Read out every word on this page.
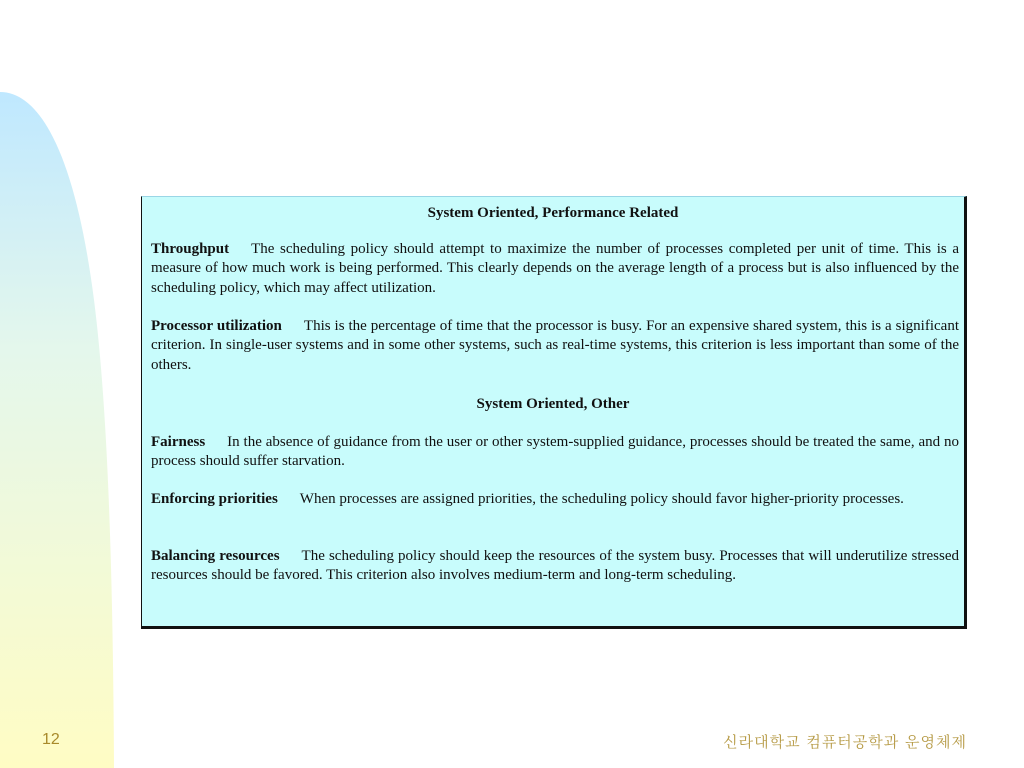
System Oriented, Performance Related

Throughput The scheduling policy should attempt to maximize the number of processes completed per unit of time. This is a measure of how much work is being performed. This clearly depends on the average length of a process but is also influenced by the scheduling policy, which may affect utilization.

Processor utilization This is the percentage of time that the processor is busy. For an expensive shared system, this is a significant criterion. In single-user systems and in some other systems, such as real-time systems, this criterion is less important than some of the others.

System Oriented, Other

Fairness In the absence of guidance from the user or other system-supplied guidance, processes should be treated the same, and no process should suffer starvation.

Enforcing priorities When processes are assigned priorities, the scheduling policy should favor higher-priority processes.

Balancing resources The scheduling policy should keep the resources of the system busy. Processes that will underutilize stressed resources should be favored. This criterion also involves medium-term and long-term scheduling.

12	신라대학교 컴퓨터공학과 운영체제
